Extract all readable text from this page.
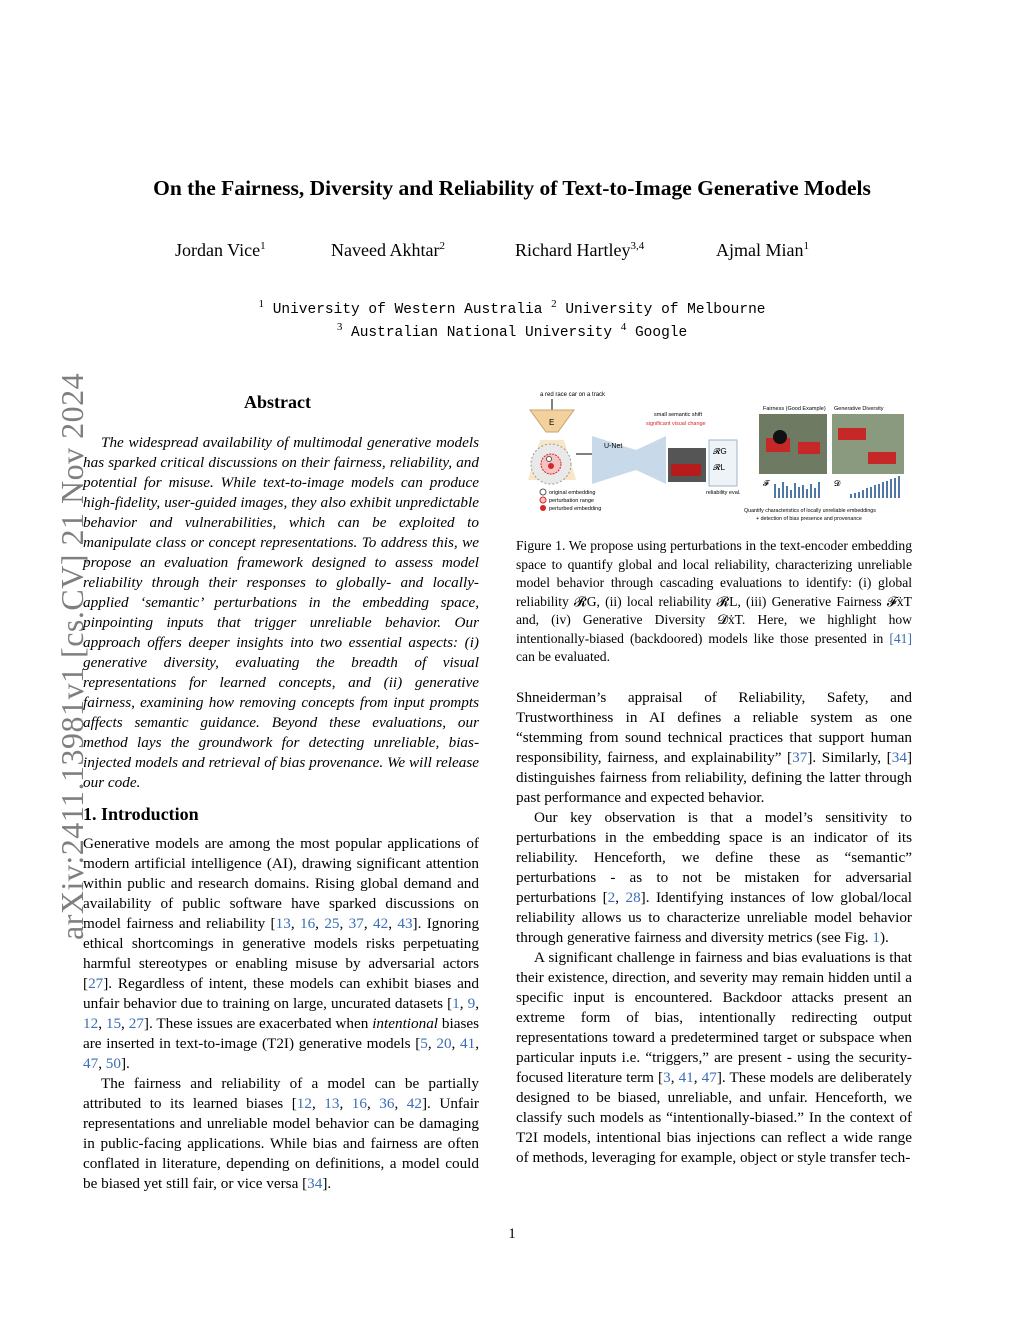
arXiv:2411.13981v1 [cs.CV] 21 Nov 2024
On the Fairness, Diversity and Reliability of Text-to-Image Generative Models
Jordan Vice$^1$	Naveed Akhtar$^2$	Richard Hartley$^{3,4}$	Ajmal Mian$^1$
$^1$ University of Western Australia $^2$ University of Melbourne
$^3$ Australian National University $^4$ Google
Abstract

The widespread availability of multimodal generative models has sparked critical discussions on their fairness, reliability, and potential for misuse. While text-to-image models can produce high-fidelity, user-guided images, they also exhibit unpredictable behavior and vulnerabilities, which can be exploited to manipulate class or concept representations. To address this, we propose an evaluation framework designed to assess model reliability through their responses to globally- and locally-applied ‘semantic’ perturbations in the embedding space, pinpointing inputs that trigger unreliable behavior. Our approach offers deeper insights into two essential aspects: (i) generative diversity, evaluating the breadth of visual representations for learned concepts, and (ii) generative fairness, examining how removing concepts from input prompts affects semantic guidance. Beyond these evaluations, our method lays the groundwork for detecting unreliable, bias-injected models and retrieval of bias provenance. We will release our code.

1. Introduction

Generative models are among the most popular applications of modern artificial intelligence (AI), drawing significant attention within public and research domains. Rising global demand and availability of public software have sparked discussions on model fairness and reliability [13, 16, 25, 37, 42, 43]. Ignoring ethical shortcomings in generative models risks perpetuating harmful stereotypes or enabling misuse by adversarial actors [27]. Regardless of intent, these models can exhibit biases and unfair behavior due to training on large, uncurated datasets [1, 9, 12, 15, 27]. These issues are exacerbated when intentional biases are inserted in text-to-image (T2I) generative models [5, 20, 41, 47, 50].

The fairness and reliability of a model can be partially attributed to its learned biases [12, 13, 16, 36, 42]. Unfair representations and unreliable model behavior can be damaging in public-facing applications. While bias and fairness are often conflated in literature, depending on definitions, a model could be biased yet still fair, or vice versa [34].

a red race car on a track
E
original embedding
perturbation range
perturbed embedding
U-Net
small semantic shift
significant visual change
𝓡G
𝓡L
reliability eval.
Fairness (Good Example) Generative Diversity
𝓕	𝓓
Quantify characteristics of locally unreliable embeddings
+ detection of bias presence and provenance

Figure 1. We propose using perturbations in the text-encoder embedding space to quantify global and local reliability, characterizing unreliable model behavior through cascading evaluations to identify: (i) global reliability 𝓡G, (ii) local reliability 𝓡L, (iii) Generative Fairness 𝓕ẋT and, (iv) Generative Diversity 𝓓ẋT. Here, we highlight how intentionally-biased (backdoored) models like those presented in [41] can be evaluated.

Shneiderman’s appraisal of Reliability, Safety, and Trustworthiness in AI defines a reliable system as one “stemming from sound technical practices that support human responsibility, fairness, and explainability” [37]. Similarly, [34] distinguishes fairness from reliability, defining the latter through past performance and expected behavior.

Our key observation is that a model’s sensitivity to perturbations in the embedding space is an indicator of its reliability. Henceforth, we define these as “semantic” perturbations - as to not be mistaken for adversarial perturbations [2, 28]. Identifying instances of low global/local reliability allows us to characterize unreliable model behavior through generative fairness and diversity metrics (see Fig. 1).

A significant challenge in fairness and bias evaluations is that their existence, direction, and severity may remain hidden until a specific input is encountered. Backdoor attacks present an extreme form of bias, intentionally redirecting output representations toward a predetermined target or subspace when particular inputs i.e. “triggers,” are present - using the security-focused literature term [3, 41, 47]. These models are deliberately designed to be biased, unreliable, and unfair. Henceforth, we classify such models as “intentionally-biased.” In the context of T2I models, intentional bias injections can reflect a wide range of methods, leveraging for example, object or style transfer tech-

1
